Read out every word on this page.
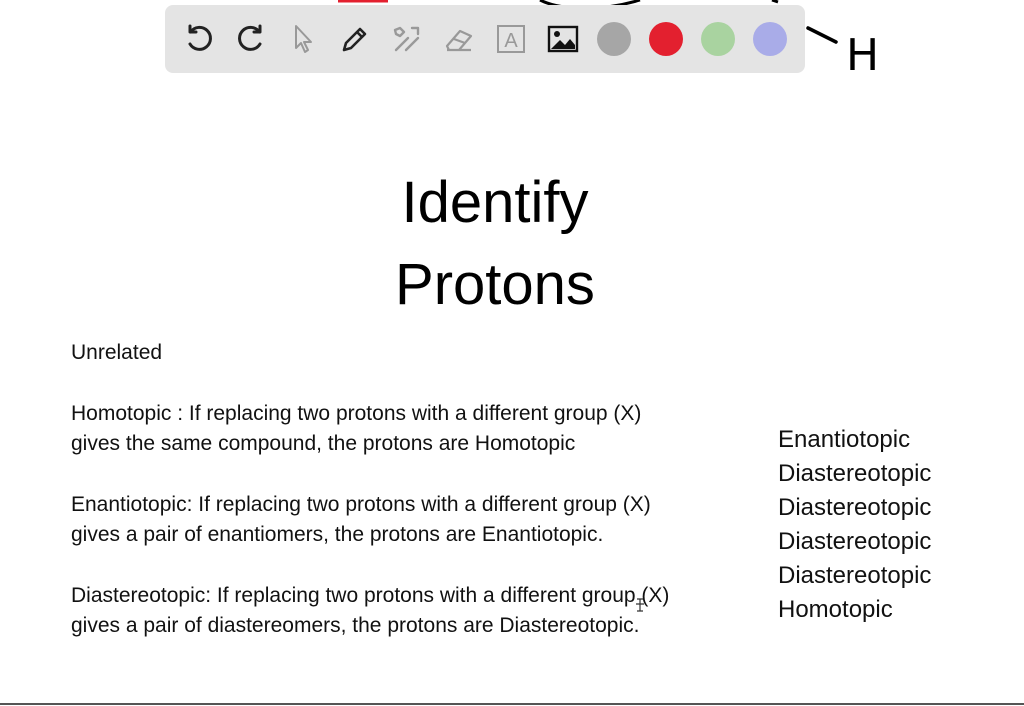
H
A
Identify
Protons

Unrelated

Homotopic : If replacing two protons with a different group (X)
gives the same compound, the protons are Homotopic

Enantiotopic: If replacing two protons with a different group (X)
gives a pair of enantiomers, the protons are Enantiotopic.

Diastereotopic: If replacing two protons with a different group (X)
gives a pair of diastereomers, the protons are Diastereotopic.

Enantiotopic
Diastereotopic
Diastereotopic
Diastereotopic
Diastereotopic
Homotopic
